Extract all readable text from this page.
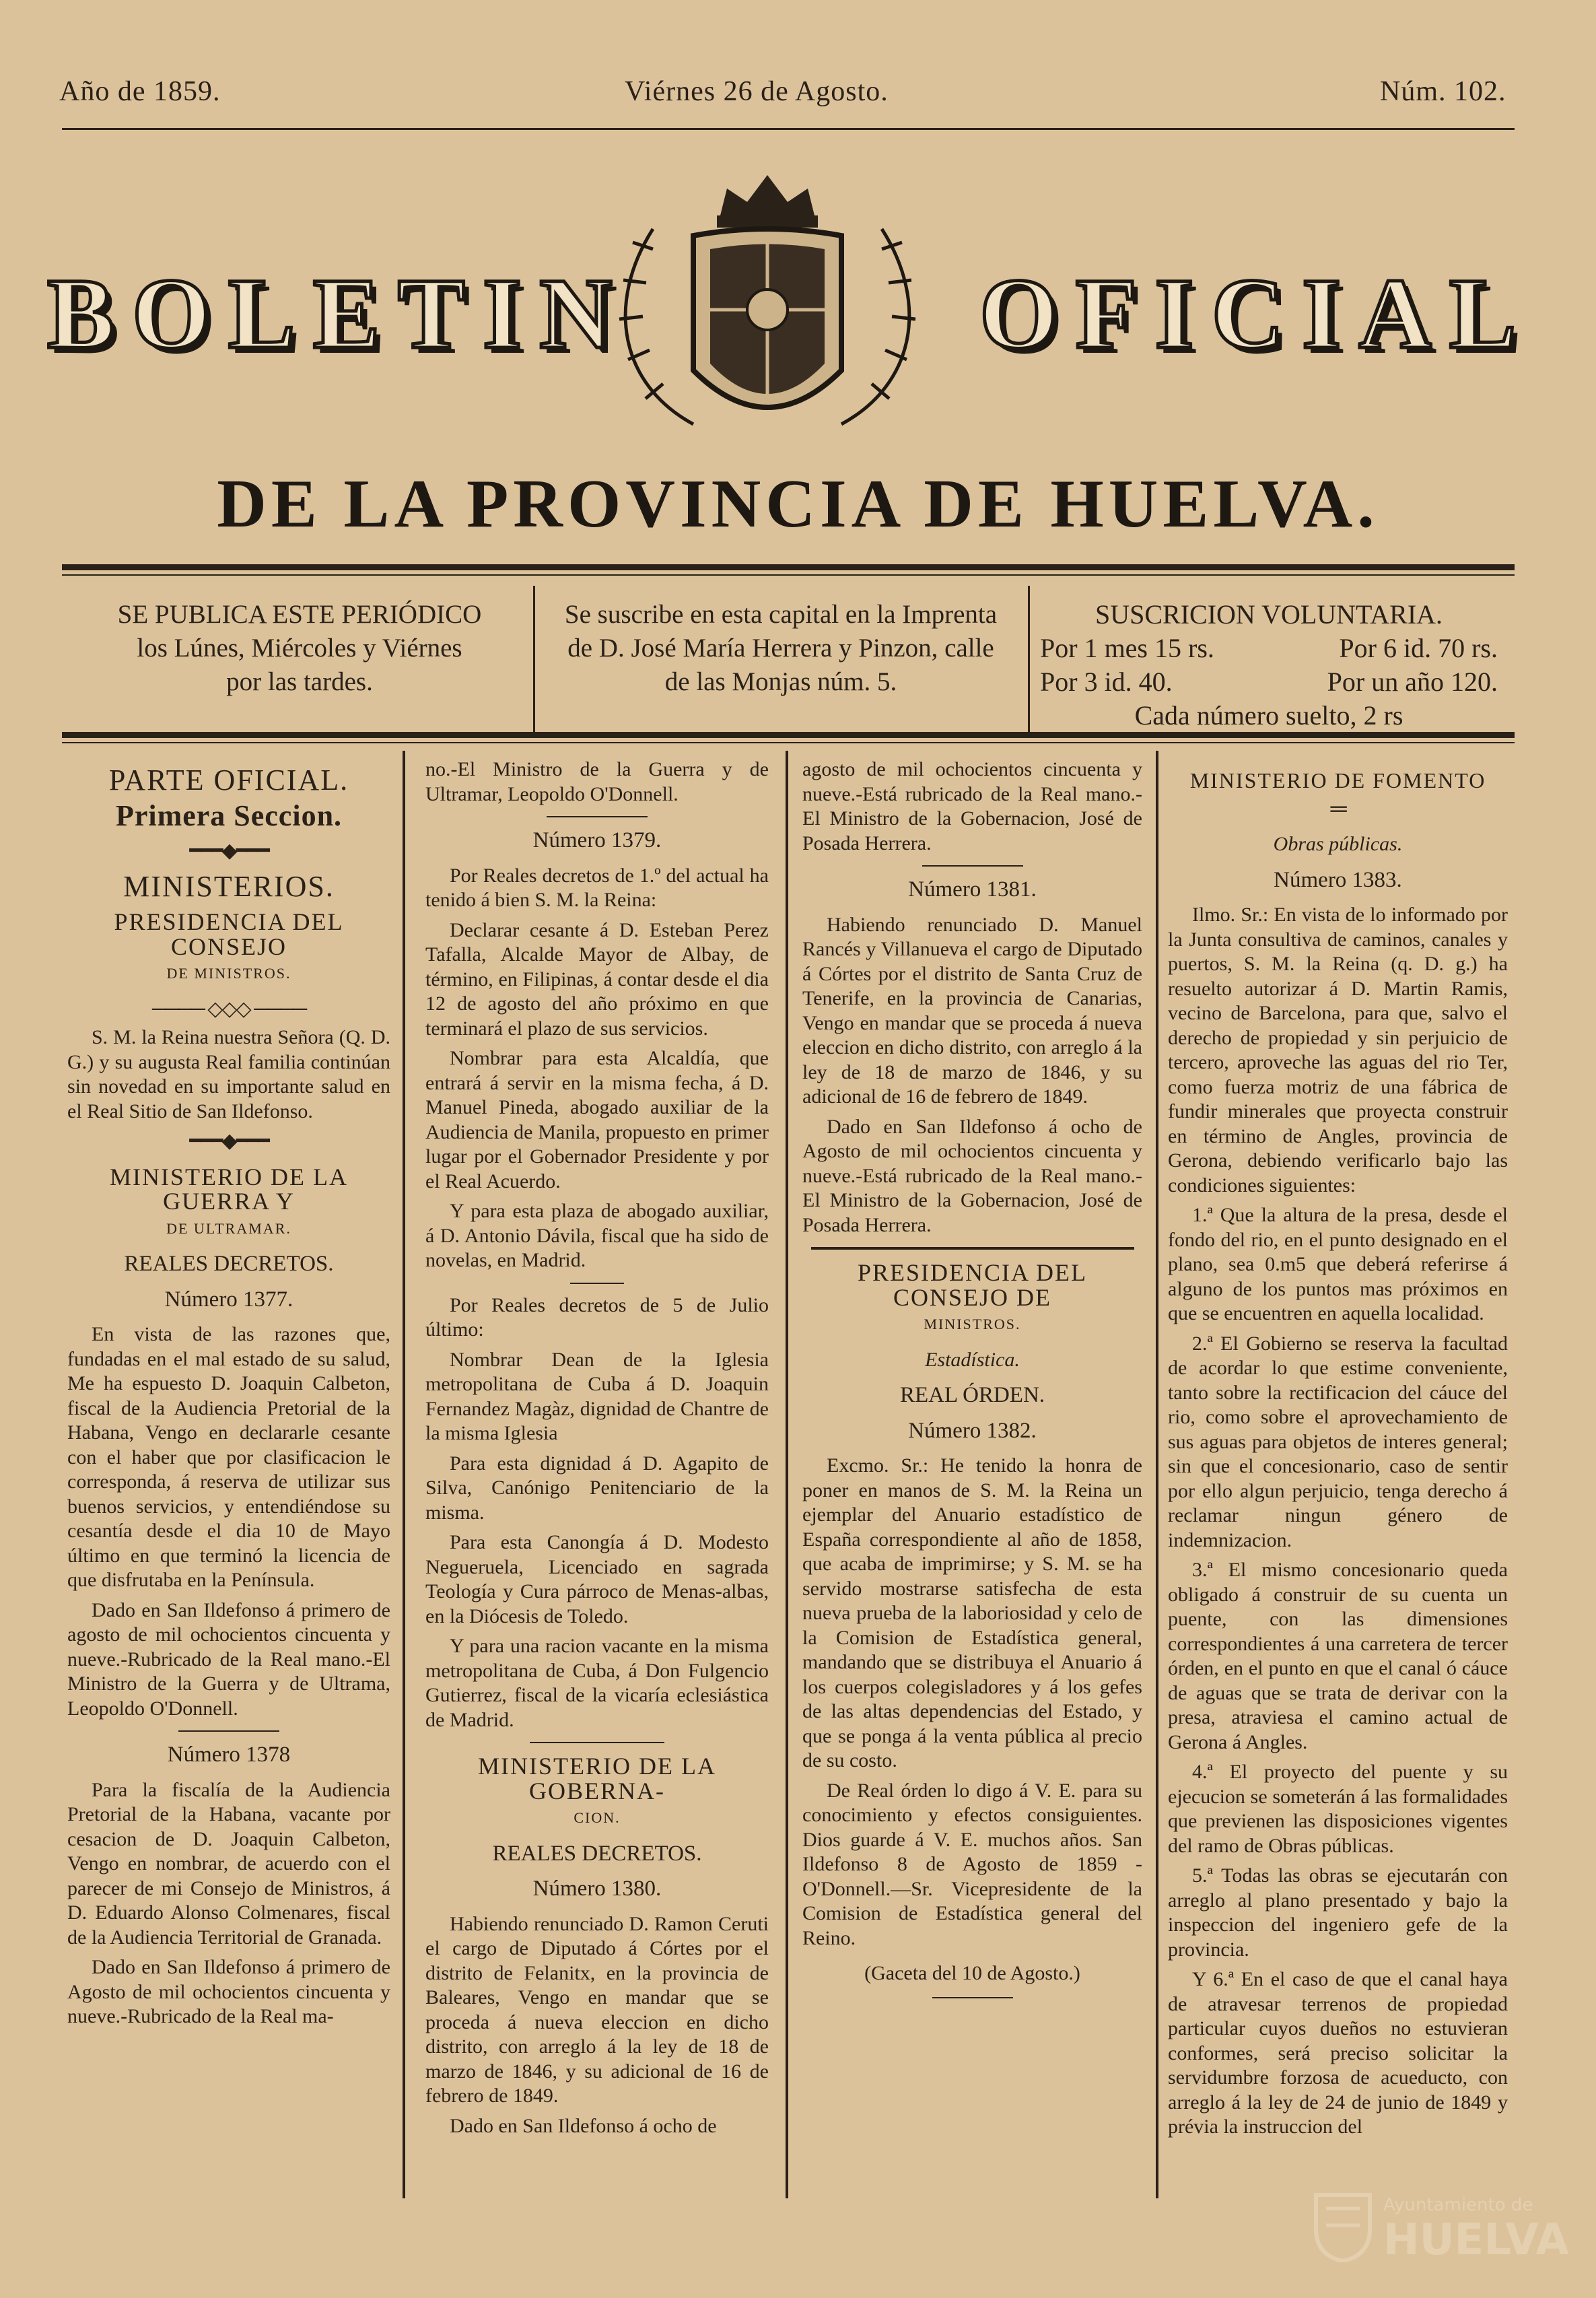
Año de 1859.	Viérnes 26 de Agosto.	Núm. 102.
BOLETIN	OFICIAL
DE LA PROVINCIA DE HUELVA.
SE PUBLICA ESTE PERIÓDICO
los Lúnes, Miércoles y Viérnes
por las tardes.
Se suscribe en esta capital en la Imprenta
de D. José María Herrera y Pinzon, calle
de las Monjas núm. 5.
SUSCRICION VOLUNTARIA.
Por 1 mes 15 rs.	Por 6 id. 70 rs.
Por 3 id. 40.	Por un año 120.
Cada número suelto, 2 rs

PARTE OFICIAL.

Primera Seccion.

━━━◆━━━

MINISTERIOS.

PRESIDENCIA DEL CONSEJO

DE MINISTROS.

──── ◇◇◇ ────

S. M. la Reina nuestra Señora (Q. D. G.) y su augusta Real familia continúan sin novedad en su importante salud en el Real Sitio de San Ildefonso.

━━━◆━━━

MINISTERIO DE LA GUERRA Y

DE ULTRAMAR.

REALES DECRETOS.

Número 1377.

En vista de las razones que, fundadas en el mal estado de su salud, Me ha espuesto D. Joaquin Calbeton, fiscal de la Audiencia Pretorial de la Habana, Vengo en declararle cesante con el haber que por clasificacion le corresponda, á reserva de utilizar sus buenos servicios, y entendiéndose su cesantía desde el dia 10 de Mayo último en que terminó la licencia de que disfrutaba en la Península.

Dado en San Ildefonso á primero de agosto de mil ochocientos cincuenta y nueve.-Rubricado de la Real mano.-El Ministro de la Guerra y de Ultrama, Leopoldo O'Donnell.

Número 1378

Para la fiscalía de la Audiencia Pretorial de la Habana, vacante por cesacion de D. Joaquin Calbeton, Vengo en nombrar, de acuerdo con el parecer de mi Consejo de Ministros, á D. Eduardo Alonso Colmenares, fiscal de la Audiencia Territorial de Granada.

Dado en San Ildefonso á primero de Agosto de mil ochocientos cincuenta y nueve.-Rubricado de la Real ma-

no.-El Ministro de la Guerra y de Ultramar, Leopoldo O'Donnell.

Número 1379.

Por Reales decretos de 1.º del actual ha tenido á bien S. M. la Reina:

Declarar cesante á D. Esteban Perez Tafalla, Alcalde Mayor de Albay, de término, en Filipinas, á contar desde el dia 12 de agosto del año próximo en que terminará el plazo de sus servicios.

Nombrar para esta Alcaldía, que entrará á servir en la misma fecha, á D. Manuel Pineda, abogado auxiliar de la Audiencia de Manila, propuesto en primer lugar por el Gobernador Presidente y por el Real Acuerdo.

Y para esta plaza de abogado auxiliar, á D. Antonio Dávila, fiscal que ha sido de novelas, en Madrid.

Por Reales decretos de 5 de Julio último:

Nombrar Dean de la Iglesia metropolitana de Cuba á D. Joaquin Fernandez Magàz, dignidad de Chantre de la misma Iglesia

Para esta dignidad á D. Agapito de Silva, Canónigo Penitenciario de la misma.

Para esta Canongía á D. Modesto Negueruela, Licenciado en sagrada Teología y Cura párroco de Menas-albas, en la Diócesis de Toledo.

Y para una racion vacante en la misma metropolitana de Cuba, á Don Fulgencio Gutierrez, fiscal de la vicaría eclesiástica de Madrid.

MINISTERIO DE LA GOBERNA-

CION.

REALES DECRETOS.

Número 1380.

Habiendo renunciado D. Ramon Ceruti el cargo de Diputado á Córtes por el distrito de Felanitx, en la provincia de Baleares, Vengo en mandar que se proceda á nueva eleccion en dicho distrito, con arreglo á la ley de 18 de marzo de 1846, y su adicional de 16 de febrero de 1849.

Dado en San Ildefonso á ocho de

agosto de mil ochocientos cincuenta y nueve.-Está rubricado de la Real mano.-El Ministro de la Gobernacion, José de Posada Herrera.

Número 1381.

Habiendo renunciado D. Manuel Rancés y Villanueva el cargo de Diputado á Córtes por el distrito de Santa Cruz de Tenerife, en la provincia de Canarias, Vengo en mandar que se proceda á nueva eleccion en dicho distrito, con arreglo á la ley de 18 de marzo de 1846, y su adicional de 16 de febrero de 1849.

Dado en San Ildefonso á ocho de Agosto de mil ochocientos cincuenta y nueve.-Está rubricado de la Real mano.-El Ministro de la Gobernacion, José de Posada Herrera.

PRESIDENCIA DEL CONSEJO DE

MINISTROS.

Estadística.

REAL ÓRDEN.

Número 1382.

Excmo. Sr.: He tenido la honra de poner en manos de S. M. la Reina un ejemplar del Anuario estadístico de España correspondiente al año de 1858, que acaba de imprimirse; y S. M. se ha servido mostrarse satisfecha de esta nueva prueba de la laboriosidad y celo de la Comision de Estadística general, mandando que se distribuya el Anuario á los cuerpos colegisladores y á los gefes de las altas dependencias del Estado, y que se ponga á la venta pública al precio de su costo.

De Real órden lo digo á V. E. para su conocimiento y efectos consiguientes. Dios guarde á V. E. muchos años. San Ildefonso 8 de Agosto de 1859 - O'Donnell.—Sr. Vicepresidente de la Comision de Estadística general del Reino.

(Gaceta del 10 de Agosto.)

MINISTERIO DE FOMENTO

═

Obras públicas.

Número 1383.

Ilmo. Sr.: En vista de lo informado por la Junta consultiva de caminos, canales y puertos, S. M. la Reina (q. D. g.) ha resuelto autorizar á D. Martin Ramis, vecino de Barcelona, para que, salvo el derecho de propiedad y sin perjuicio de tercero, aproveche las aguas del rio Ter, como fuerza motriz de una fábrica de fundir minerales que proyecta construir en término de Angles, provincia de Gerona, debiendo verificarlo bajo las condiciones siguientes:

1.ª Que la altura de la presa, desde el fondo del rio, en el punto designado en el plano, sea 0.m5 que deberá referirse á alguno de los puntos mas próximos en que se encuentren en aquella localidad.

2.ª El Gobierno se reserva la facultad de acordar lo que estime conveniente, tanto sobre la rectificacion del cáuce del rio, como sobre el aprovechamiento de sus aguas para objetos de interes general; sin que el concesionario, caso de sentir por ello algun perjuicio, tenga derecho á reclamar ningun género de indemnizacion.

3.ª El mismo concesionario queda obligado á construir de su cuenta un puente, con las dimensiones correspondientes á una carretera de tercer órden, en el punto en que el canal ó cáuce de aguas que se trata de derivar con la presa, atraviesa el camino actual de Gerona á Angles.

4.ª El proyecto del puente y su ejecucion se someterán á las formalidades que previenen las disposiciones vigentes del ramo de Obras públicas.

5.ª Todas las obras se ejecutarán con arreglo al plano presentado y bajo la inspeccion del ingeniero gefe de la provincia.

Y 6.ª En el caso de que el canal haya de atravesar terrenos de propiedad particular cuyos dueños no estuvieran conformes, será preciso solicitar la servidumbre forzosa de acueducto, con arreglo á la ley de 24 de junio de 1849 y prévia la instruccion del

Ayuntamiento de
HUELVA
